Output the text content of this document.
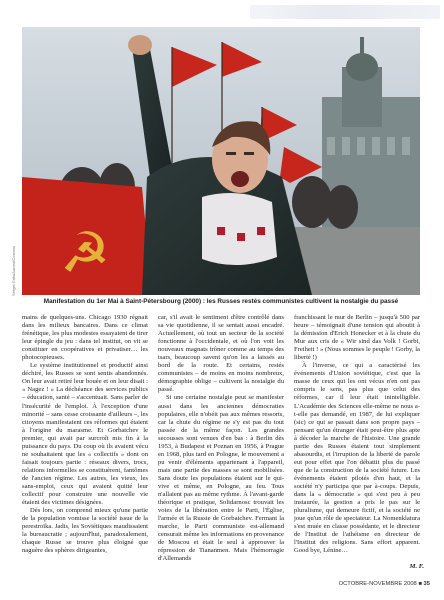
☭
Sergei Grits/Aurora/Cosmos
Manifestation du 1er Mai à Saint-Pétersbourg (2000) : les Russes restés communistes cultivent la nostalgie du passé

mains de quelques-uns. Chicago 1930 régnait dans les milieux bancaires. Dans ce climat frénétique, les plus modestes essayaient de tirer leur épingle du jeu : dans tel institut, on vit se constituer en coopératives et privatiser… les photocopieuses.

Le système institutionnel et productif ainsi déchiré, les Russes se sont sentis abandonnés. On leur avait retiré leur bouée et on leur disait : « Nagez ! » La déchéance des services publics – éducation, santé – s'accentuait. Sans parler de l'insécurité de l'emploi. À l'exception d'une minorité – sans cesse croissante d'ailleurs –, les citoyens manifestaient ces réformes qui étaient à l'origine du marasme. Et Gorbatchev le premier, qui avait par surcroît mis fin à la puissance du pays. Du coup où ils avaient vécu ne souhaitaient que les « collectifs » dont on faisait toujours partie : réseaux divers, trocs, relations informelles se constituèrent, fantômes de l'ancien régime. Les autres, les vieux, les sans-emploi, ceux qui avaient quitté leur collectif pour construire une nouvelle vie étaient des victimes désignées.

Dès lors, on comprend mieux qu'une partie de la population vomisse la société issue de la perestroïka. Jadis, les Soviétiques maudissaient la bureaucratie ; aujourd'hui, paradoxalement, chaque Russe se trouve plus éloigné que naguère des sphères dirigeantes,

car, s'il avait le sentiment d'être contrôlé dans sa vie quotidienne, il se sentait aussi encadré. Actuellement, où tout un secteur de la société fonctionne à l'occidentale, et où l'on voit les nouveaux magnats trôner comme au temps des tsars, beaucoup savent qu'on les a laissés au bord de la route. Et certains, restés communistes – de moins en moins nombreux, démographie oblige – cultivent la nostalgie du passé.

Si une certaine nostalgie peut se manifester aussi dans les anciennes démocraties populaires, elle n'obéit pas aux mêmes ressorts, car la chute du régime ne s'y est pas du tout passée de la même façon. Les grandes secousses sont venues d'en bas : à Berlin dès 1953, à Budapest et Poznan en 1956, à Prague en 1968, plus tard en Pologne, le mouvement a pu venir d'éléments appartenant à l'appareil, mais une partie des masses se sont mobilisées. Sans doute les populations étaient sur le qui-vive et même, en Pologne, au feu. Tous n'allaient pas au même rythme. À l'avant-garde théorique et pratique, Solidarnosc trouvait les voies de la libération entre le Parti, l'Église, l'armée et la Russie de Gorbatchev. Fermant la marche, le Parti communiste est-allemand censurait même les informations en provenance de Moscou et était le seul à approuver la répression de Tiananmen. Mais l'hémorragie d'Allemands

franchissant le mur de Berlin – jusqu'à 500 par heure – témoignait d'une tension qui aboutit à la démission d'Erich Honecker et à la chute du Mur aux cris de « Wir sind das Volk ! Gorbi, Freiheit ! » (Nous sommes le peuple ! Gorby, la liberté !)

À l'inverse, ce qui a caractérisé les événements d'Union soviétique, c'est que la masse de ceux qui les ont vécus n'en ont pas compris le sens, pas plus que celui des réformes, car il leur était inintelligible. L'Académie des Sciences elle-même ne nous a-t-elle pas demandé, en 1987, de lui expliquer (sic) ce qui se passait dans son propre pays – pensant qu'un étranger était peut-être plus apte à décoder la marche de l'histoire. Une grande partie des Russes étaient tout simplement abasourdis, et l'irruption de la liberté de parole eut pour effet que l'on débattit plus du passé que de la construction de la société future. Les événements étaient pilotés d'en haut, et la société n'y participa que par à-coups. Depuis, dans la « démocratie » qui s'est peu à peu instaurée, la gestion a pris le pas sur le pluralisme, qui demeure fictif, et la société ne joue qu'un rôle de spectateur. La Nomenklatura s'est muée en classe possédante, et le directeur de l'Institut de l'athéisme en directeur de l'Institut des religions. Sans effort apparent. Good bye, Lénine…

M. F.
OCTOBRE-NOVEMBRE 2008 ■ 35
